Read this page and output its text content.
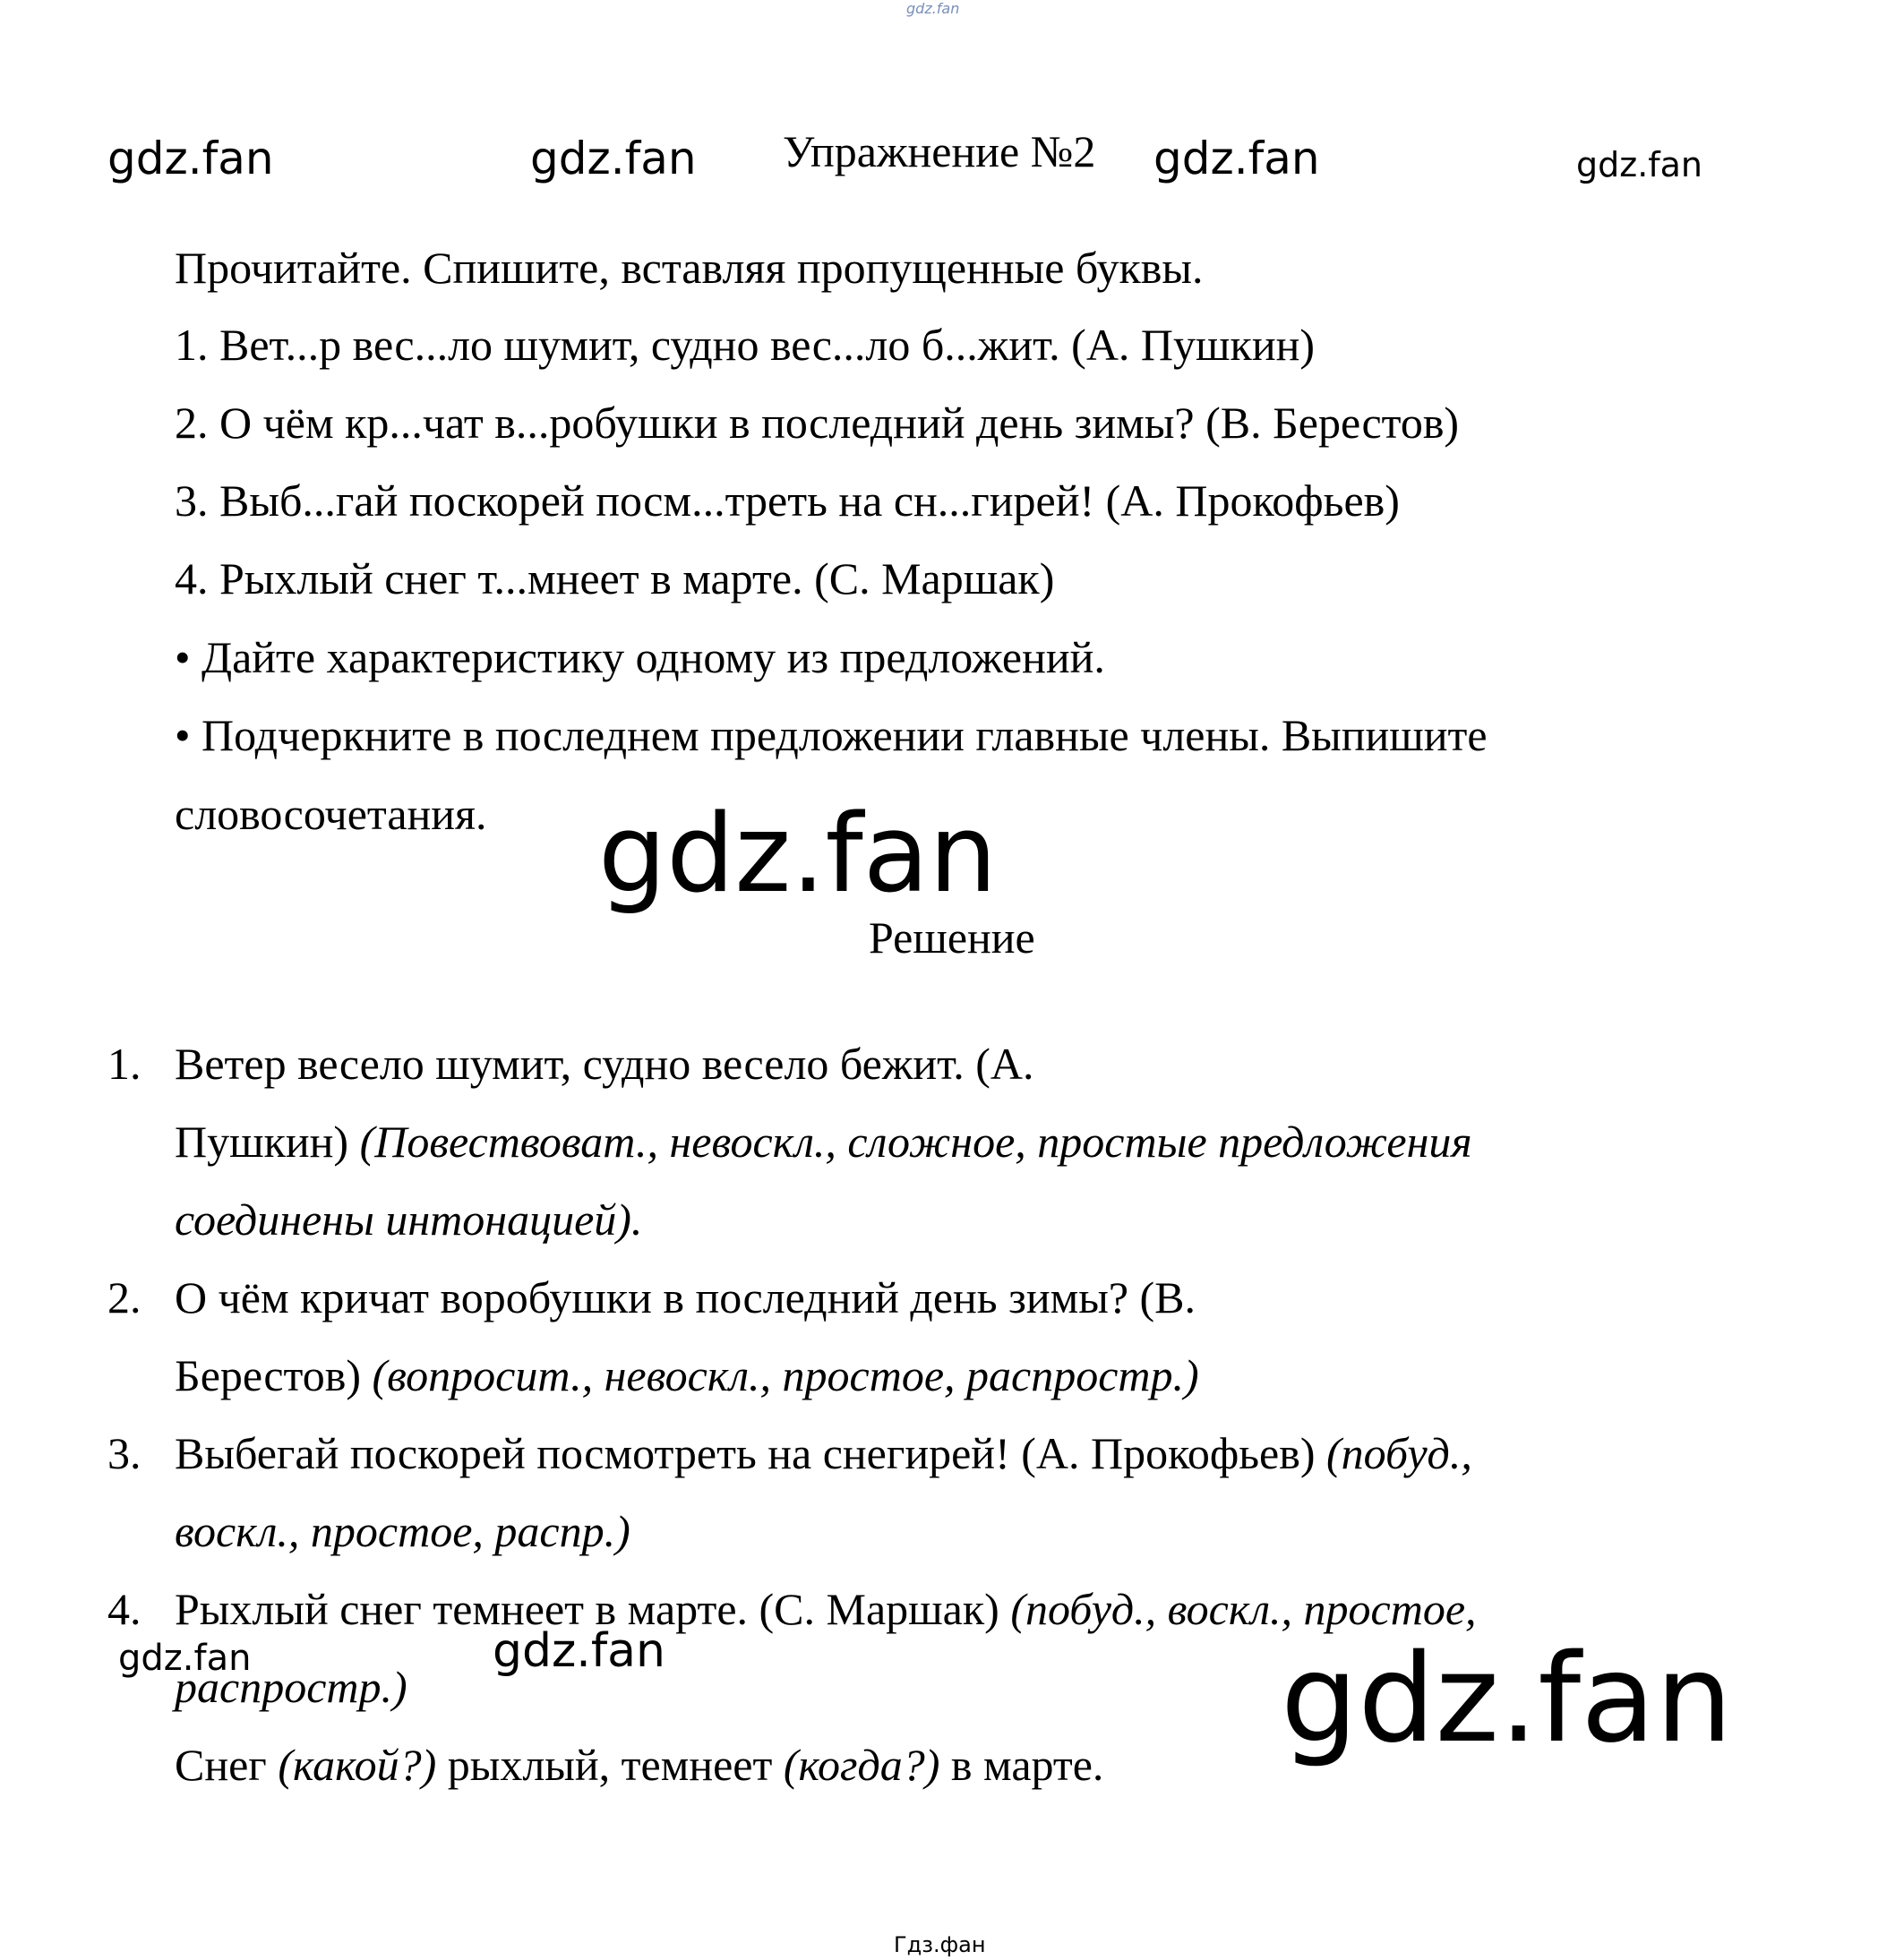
gdz.fan
gdz.fan	gdz.fan	gdz.fan	gdz.fan
gdz.fan
gdz.fan	gdz.fan	gdz.fan
Гдз.фан
Упражнение №2
Прочитайте. Спишите, вставляя пропущенные буквы.
1. Вет...р вес...ло шумит, судно вес...ло б...жит. (А. Пушкин)
2. О чём кр...чат в...робушки в последний день зимы? (В. Берестов)
3. Выб...гай поскорей посм...треть на сн...гирей! (А. Прокофьев)
4. Рыхлый снег т...мнеет в марте. (С. Маршак)
• Дайте характеристику одному из предложений.
• Подчеркните в последнем предложении главные члены. Выпишите
словосочетания.
Решение
1. Ветер весело шумит, судно весело бежит. (А.
Пушкин) (Повествоват., невоскл., сложное, простые предложения
соединены интонацией).
2. О чём кричат воробушки в последний день зимы? (В.
Берестов) (вопросит., невоскл., простое, распростр.)
3. Выбегай поскорей посмотреть на снегирей! (А. Прокофьев) (побуд.,
воскл., простое, распр.)
4. Рыхлый снег темнеет в марте. (С. Маршак) (побуд., воскл., простое,
распростр.)
Снег (какой?) рыхлый, темнеет (когда?) в марте.
